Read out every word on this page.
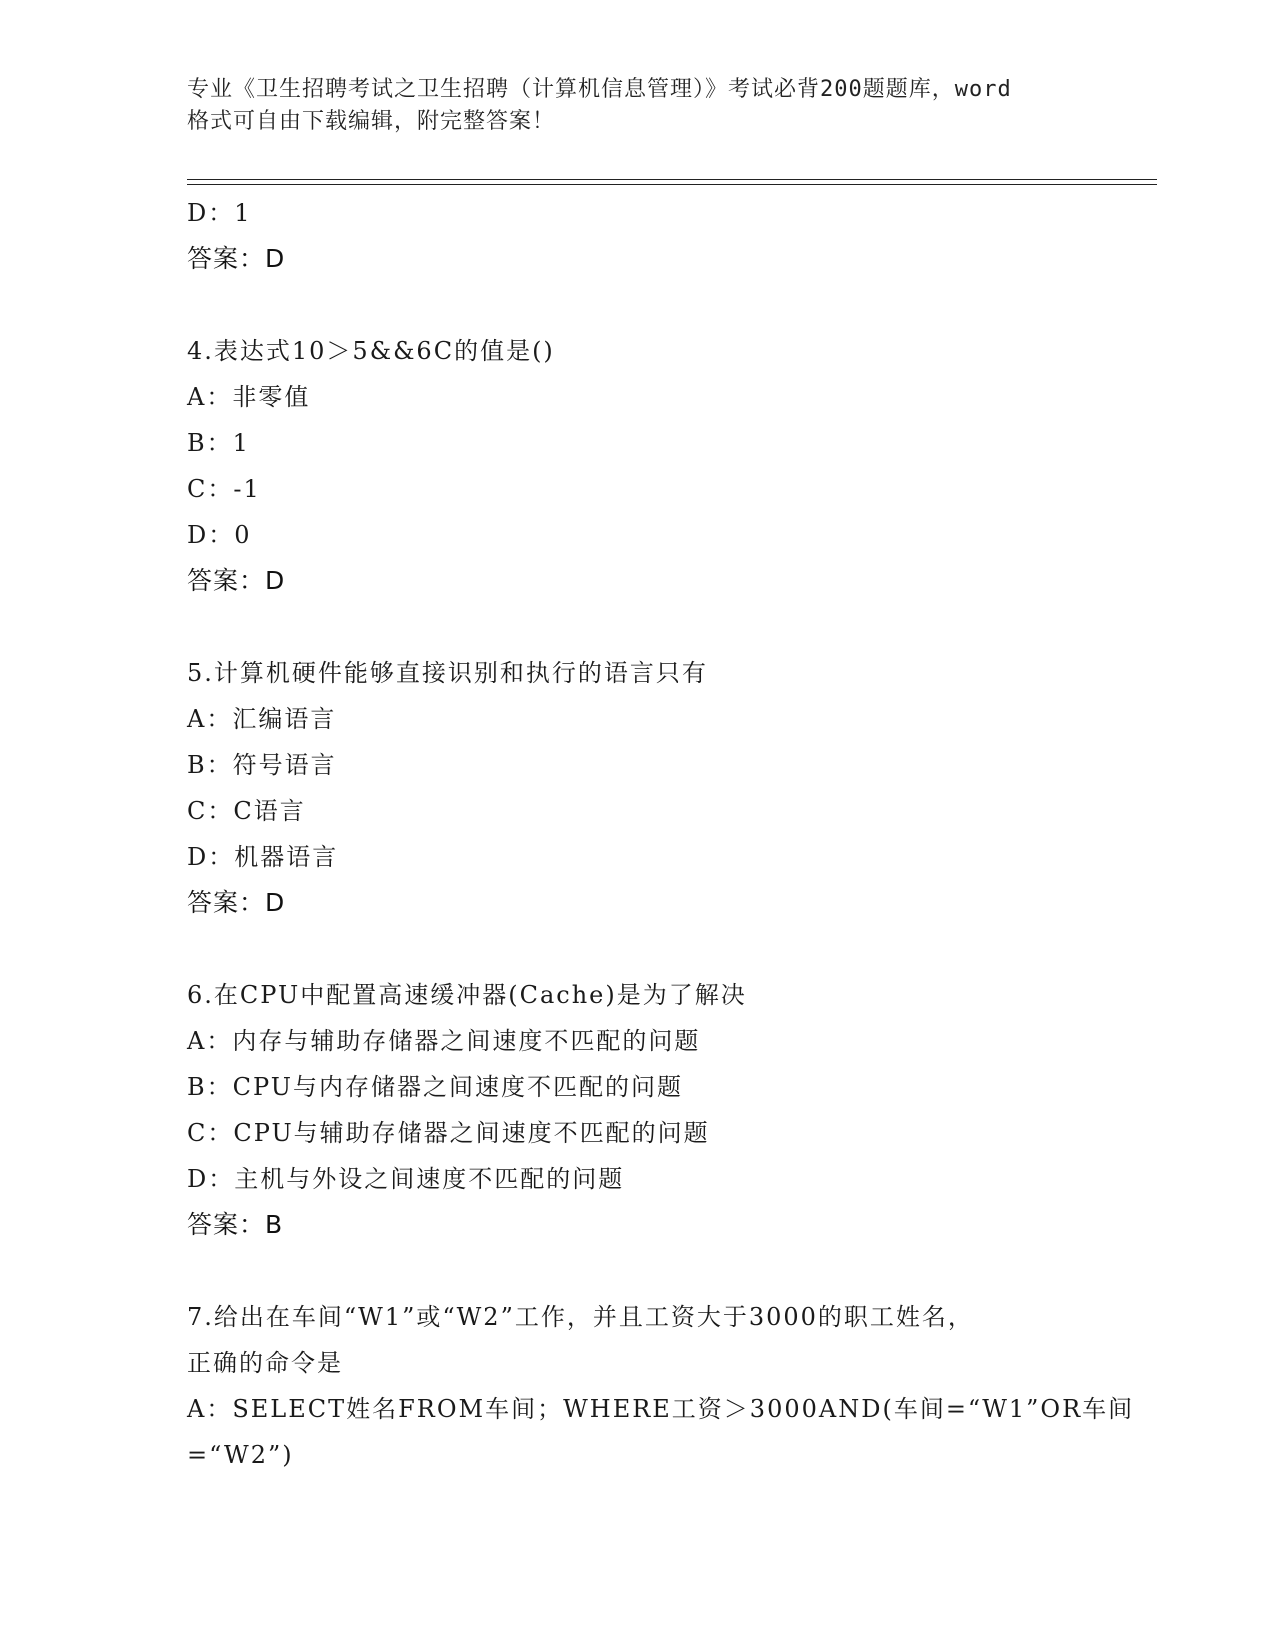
专业《卫生招聘考试之卫生招聘（计算机信息管理）》考试必背200题题库，word
格式可自由下载编辑，附完整答案！
D：1
答案：D
4.表达式10＞5&&6C的值是()
A：非零值
B：1
C：-1
D：0
答案：D
5.计算机硬件能够直接识别和执行的语言只有
A：汇编语言
B：符号语言
C：C语言
D：机器语言
答案：D
6.在CPU中配置高速缓冲器(Cache)是为了解决
A：内存与辅助存储器之间速度不匹配的问题
B：CPU与内存储器之间速度不匹配的问题
C：CPU与辅助存储器之间速度不匹配的问题
D：主机与外设之间速度不匹配的问题
答案：B
7.给出在车间“W1”或“W2”工作，并且工资大于3000的职工姓名，
正确的命令是
A：SELECT姓名FROM车间；WHERE工资＞3000AND(车间=“W1”OR车间
=“W2”)
